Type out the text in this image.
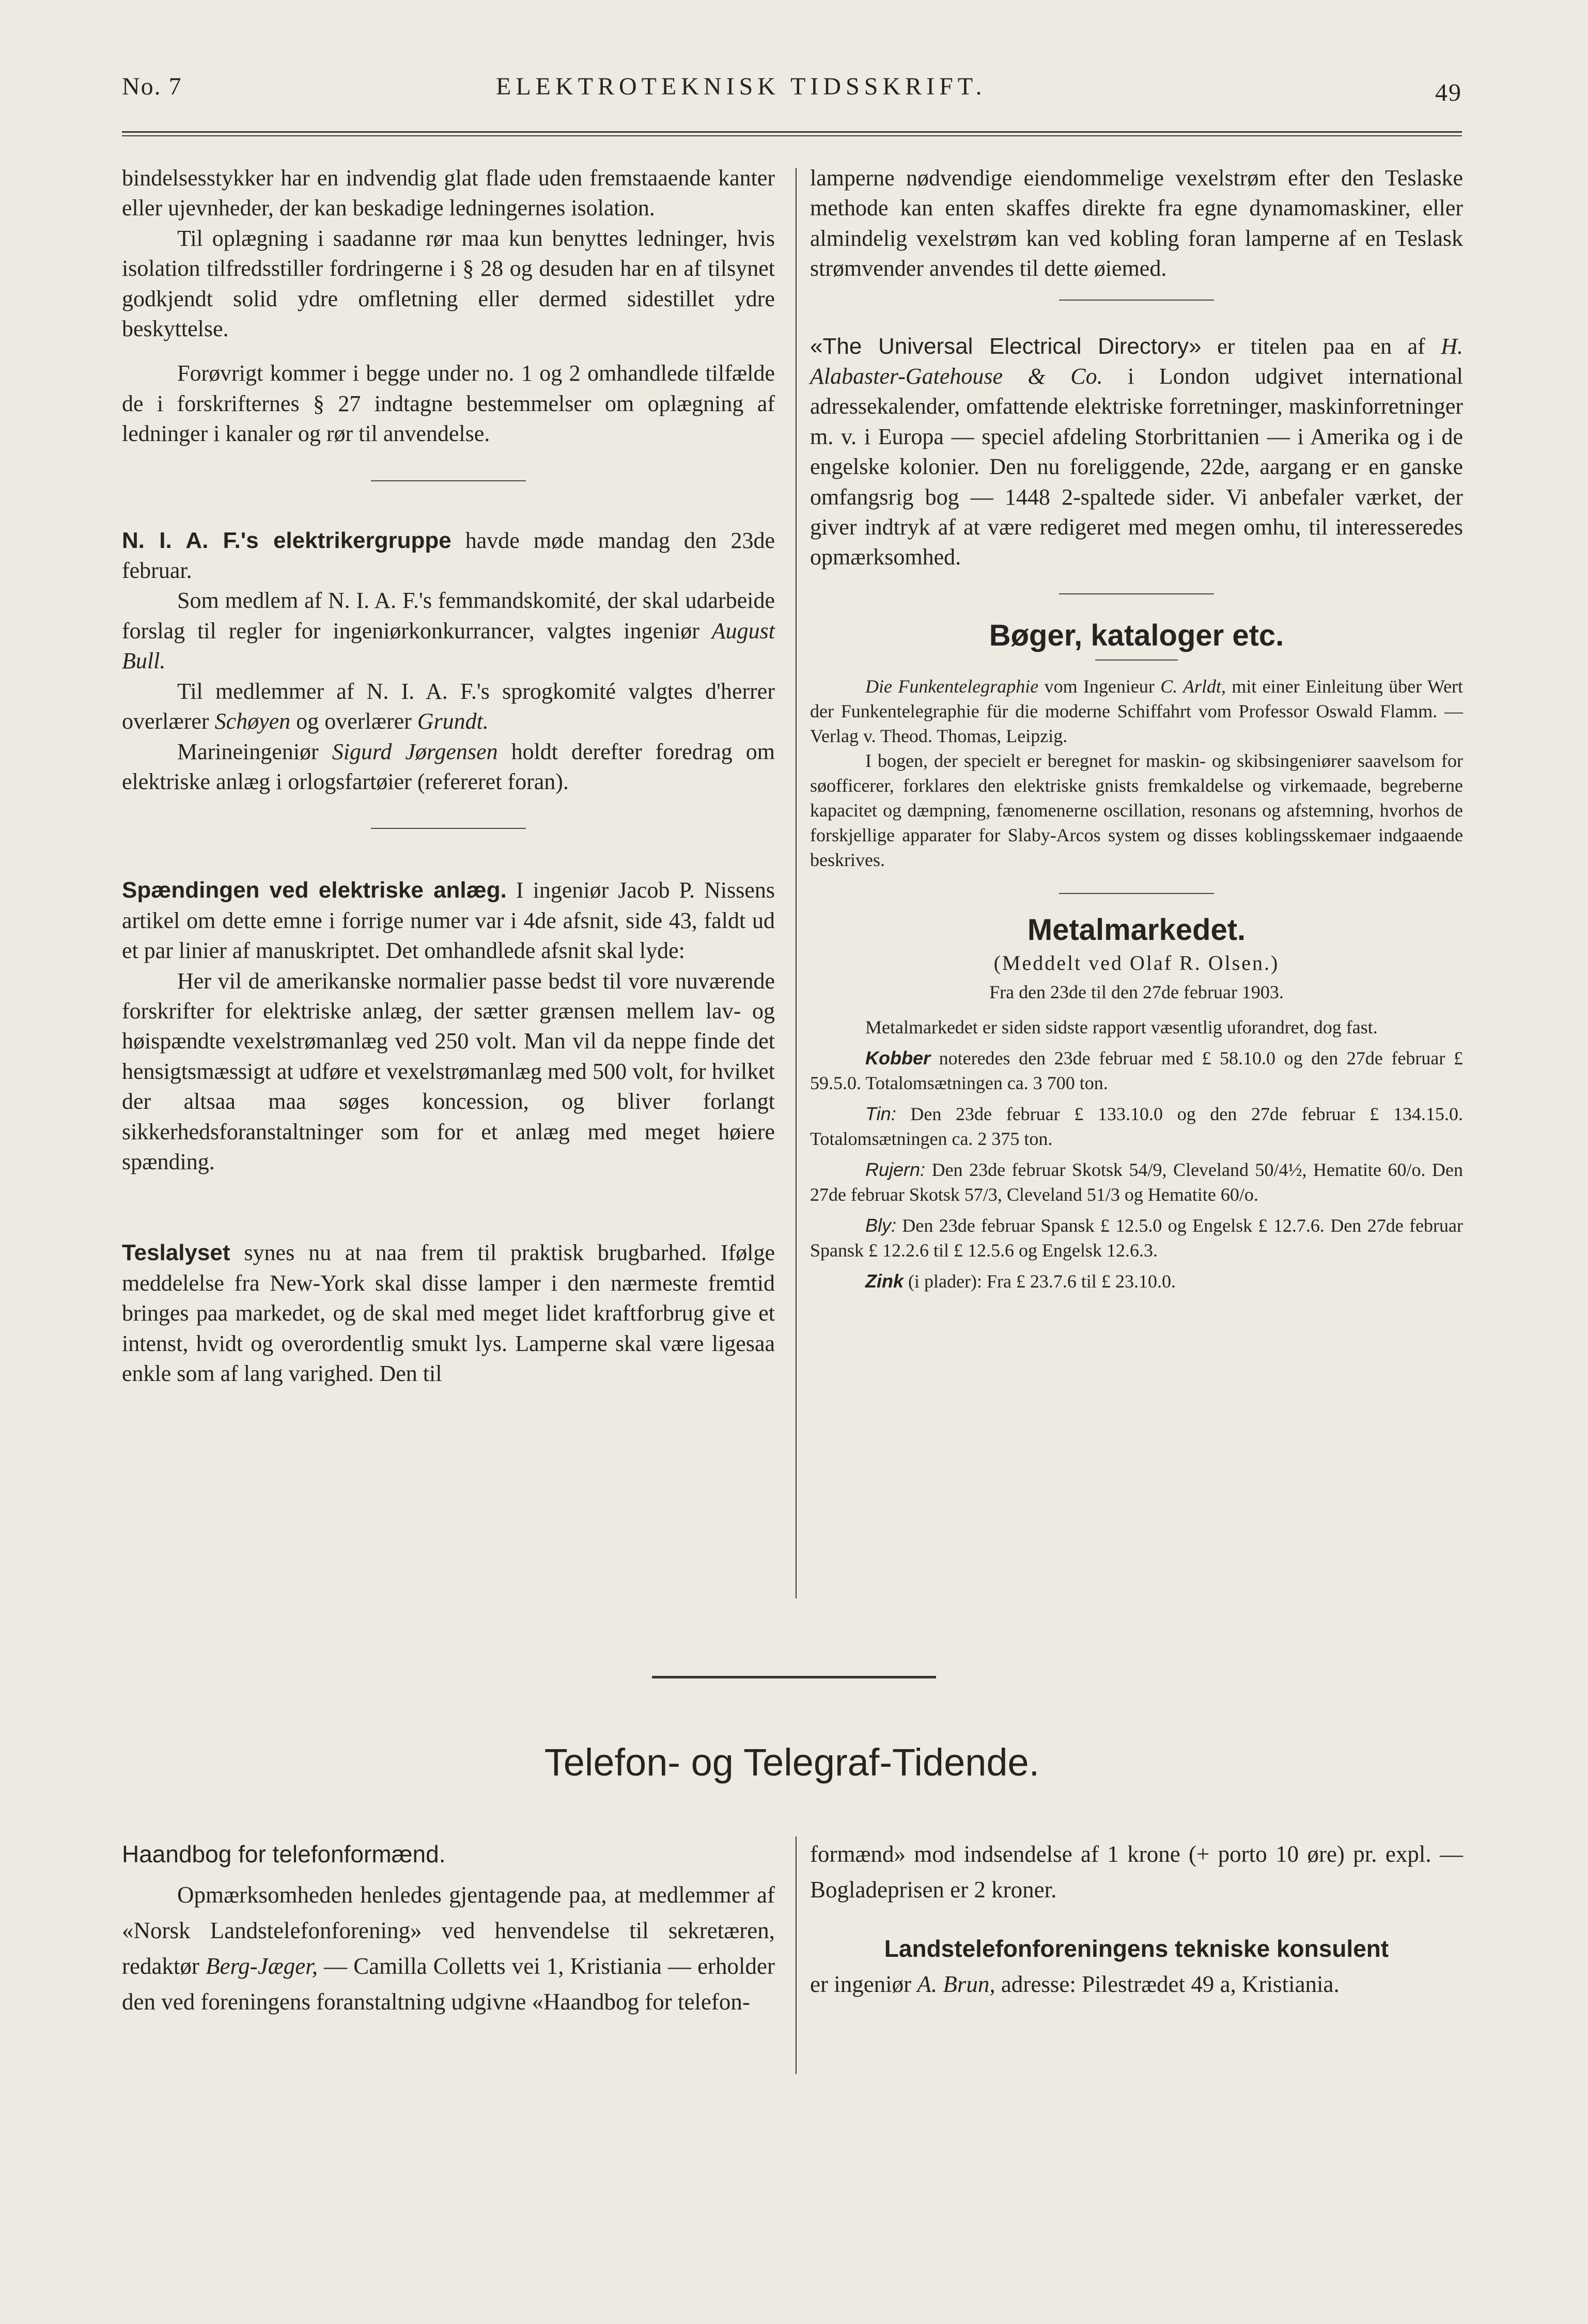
No. 7	ELEKTROTEKNISK TIDSSKRIFT.	49

bindelsesstykker har en indvendig glat flade uden fremstaaende kanter eller ujevnheder, der kan beskadige ledningernes isolation.

Til oplægning i saadanne rør maa kun benyttes ledninger, hvis isolation tilfredsstiller fordringerne i § 28 og desuden har en af tilsynet godkjendt solid ydre omfletning eller dermed sidestillet ydre beskyttelse.

Forøvrigt kommer i begge under no. 1 og 2 omhandlede tilfælde de i forskrifternes § 27 indtagne bestemmelser om oplægning af ledninger i kanaler og rør til anvendelse.

N. I. A. F.'s elektrikergruppe havde møde mandag den 23de februar.

Som medlem af N. I. A. F.'s femmandskomité, der skal udarbeide forslag til regler for ingeniørkonkurrancer, valgtes ingeniør August Bull.

Til medlemmer af N. I. A. F.'s sprogkomité valgtes d'herrer overlærer Schøyen og overlærer Grundt.

Marineingeniør Sigurd Jørgensen holdt derefter foredrag om elektriske anlæg i orlogsfartøier (refereret foran).

Spændingen ved elektriske anlæg. I ingeniør Jacob P. Nissens artikel om dette emne i forrige numer var i 4de afsnit, side 43, faldt ud et par linier af manuskriptet. Det omhandlede afsnit skal lyde:

Her vil de amerikanske normalier passe bedst til vore nuværende forskrifter for elektriske anlæg, der sætter grænsen mellem lav- og høispændte vexelstrømanlæg ved 250 volt. Man vil da neppe finde det hensigtsmæssigt at udføre et vexelstrømanlæg med 500 volt, for hvilket der altsaa maa søges koncession, og bliver forlangt sikkerhedsforanstaltninger som for et anlæg med meget høiere spænding.

Teslalyset synes nu at naa frem til praktisk brugbarhed. Ifølge meddelelse fra New-York skal disse lamper i den nærmeste fremtid bringes paa markedet, og de skal med meget lidet kraftforbrug give et intenst, hvidt og overordentlig smukt lys. Lamperne skal være ligesaa enkle som af lang varighed. Den til

lamperne nødvendige eiendommelige vexelstrøm efter den Teslaske methode kan enten skaffes direkte fra egne dynamomaskiner, eller almindelig vexelstrøm kan ved kobling foran lamperne af en Teslask strømvender anvendes til dette øiemed.

«The Universal Electrical Directory» er titelen paa en af H. Alabaster-Gatehouse & Co. i London udgivet international adressekalender, omfattende elektriske forretninger, maskinforretninger m. v. i Europa — speciel afdeling Storbrittanien — i Amerika og i de engelske kolonier. Den nu foreliggende, 22de, aargang er en ganske omfangsrig bog — 1448 2-spaltede sider. Vi anbefaler værket, der giver indtryk af at være redigeret med megen omhu, til interesseredes opmærksomhed.

Bøger, kataloger etc.

Die Funkentelegraphie vom Ingenieur C. Arldt, mit einer Einleitung über Wert der Funkentelegraphie für die moderne Schiffahrt vom Professor Oswald Flamm. — Verlag v. Theod. Thomas, Leipzig.

I bogen, der specielt er beregnet for maskin- og skibsingeniører saavelsom for søofficerer, forklares den elektriske gnists fremkaldelse og virkemaade, begreberne kapacitet og dæmpning, fænomenerne oscillation, resonans og afstemning, hvorhos de forskjellige apparater for Slaby-Arcos system og disses koblingsskemaer indgaaende beskrives.

Metalmarkedet.

(Meddelt ved Olaf R. Olsen.)

Fra den 23de til den 27de februar 1903.

Metalmarkedet er siden sidste rapport væsentlig uforandret, dog fast.

Kobber noteredes den 23de februar med £ 58.10.0 og den 27de februar £ 59.5.0. Totalomsætningen ca. 3 700 ton.

Tin: Den 23de februar £ 133.10.0 og den 27de februar £ 134.15.0. Totalomsætningen ca. 2 375 ton.

Rujern: Den 23de februar Skotsk 54/9, Cleveland 50/4½, Hematite 60/o. Den 27de februar Skotsk 57/3, Cleveland 51/3 og Hematite 60/o.

Bly: Den 23de februar Spansk £ 12.5.0 og Engelsk £ 12.7.6. Den 27de februar Spansk £ 12.2.6 til £ 12.5.6 og Engelsk 12.6.3.

Zink (i plader): Fra £ 23.7.6 til £ 23.10.0.

Telefon- og Telegraf-Tidende.

Haandbog for telefonformænd.

Opmærksomheden henledes gjentagende paa, at medlemmer af «Norsk Landstelefonforening» ved henvendelse til sekretæren, redaktør Berg-Jæger, — Camilla Colletts vei 1, Kristiania — erholder den ved foreningens foranstaltning udgivne «Haandbog for telefon-

formænd» mod indsendelse af 1 krone (+ porto 10 øre) pr. expl. — Bogladeprisen er 2 kroner.

Landstelefonforeningens tekniske konsulent

er ingeniør A. Brun, adresse: Pilestrædet 49 a, Kristiania.
